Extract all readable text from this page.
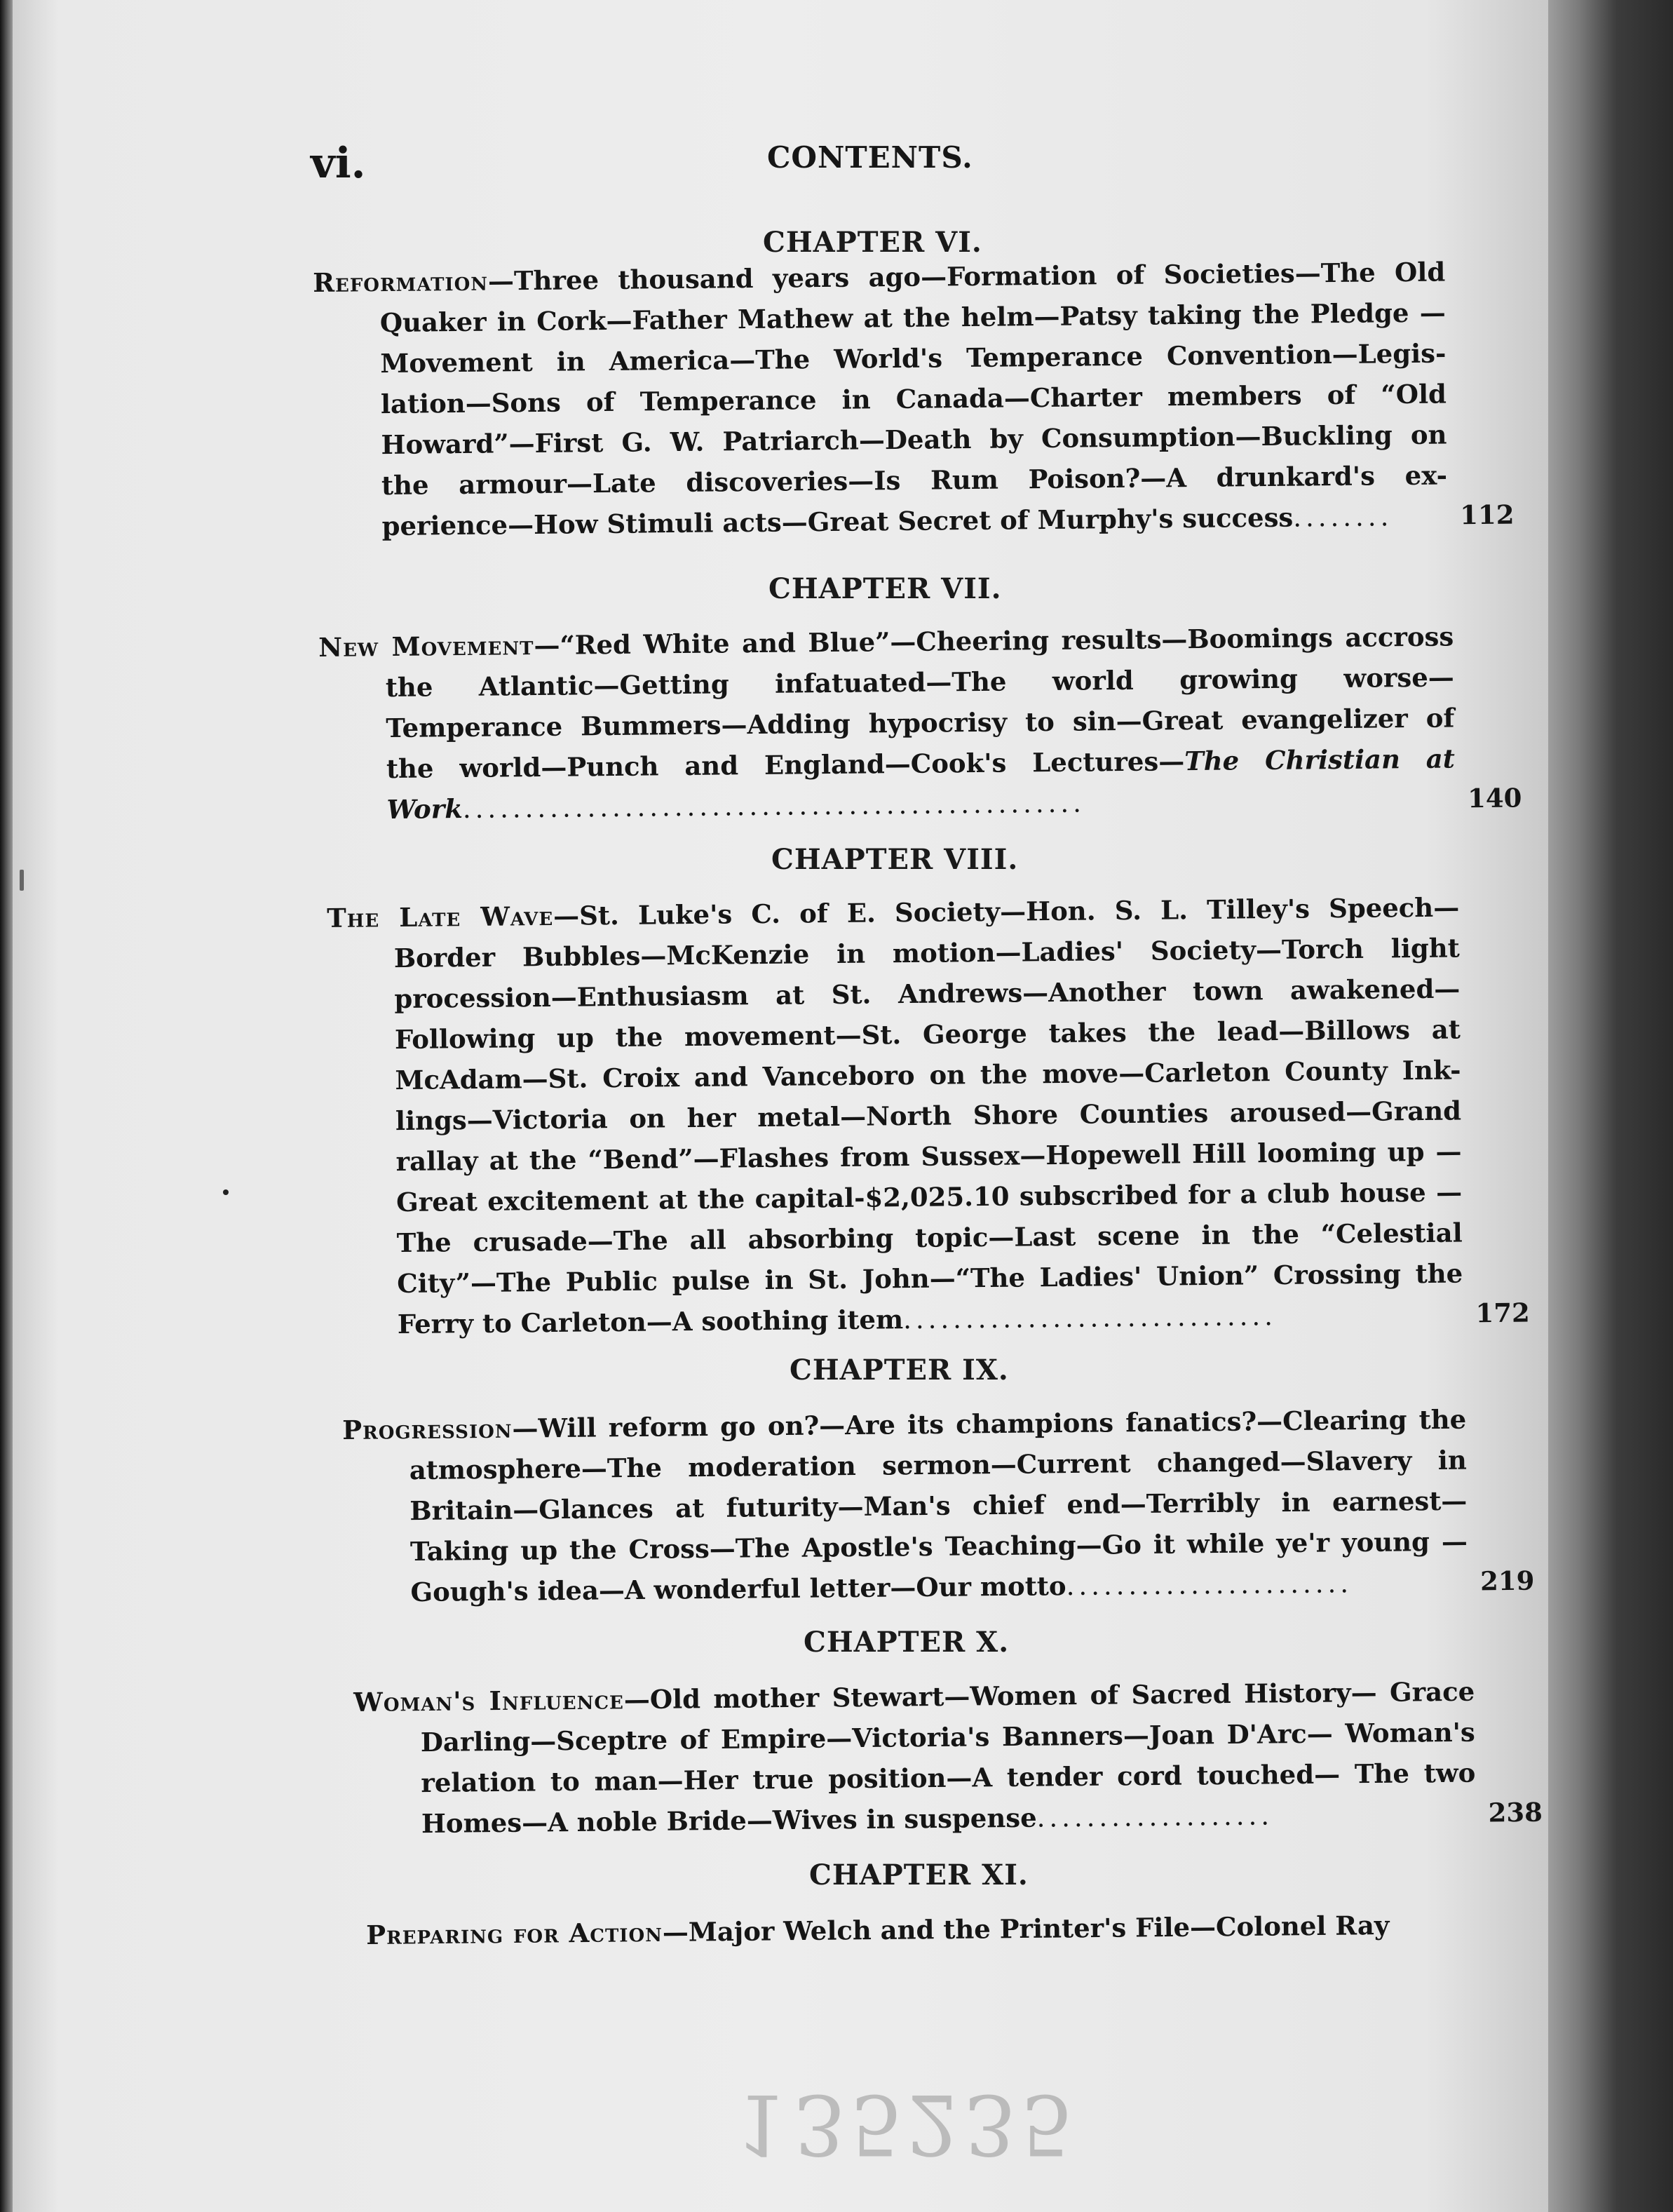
vi.	CONTENTS.
CHAPTER VI.
Reformation—Three thousand years ago—Formation of Societies—The Old Quaker in Cork—Father Mathew at the helm—Patsy taking the Pledge —Movement in America—The World's Temperance Convention—Legis- lation—Sons of Temperance in Canada—Charter members of “Old Howard”—First G. W. Patriarch—Death by Consumption—Buckling on the armour—Late discoveries—Is Rum Poison?—A drunkard's ex- perience—How Stimuli acts—Great Secret of Murphy's success........	112
CHAPTER VII.
New Movement—“Red White and Blue”—Cheering results—Boomings accross the Atlantic—Getting infatuated—The world growing worse— Temperance Bummers—Adding hypocrisy to sin—Great evangelizer of the world—Punch and England—Cook's Lectures—The Christian at Work..................................................	140
CHAPTER VIII.
The Late Wave—St. Luke's C. of E. Society—Hon. S. L. Tilley's Speech— Border Bubbles—McKenzie in motion—Ladies' Society—Torch light procession—Enthusiasm at St. Andrews—Another town awakened— Following up the movement—St. George takes the lead—Billows at McAdam—St. Croix and Vanceboro on the move—Carleton County Ink- lings—Victoria on her metal—North Shore Counties aroused—Grand rallay at the “Bend”—Flashes from Sussex—Hopewell Hill looming up —Great excitement at the capital-$2,025.10 subscribed for a club house —The crusade—The all absorbing topic—Last scene in the “Celestial City”—The Public pulse in St. John—“The Ladies' Union” Crossing the Ferry to Carleton—A soothing item..............................	172
CHAPTER IX.
Progression—Will reform go on?—Are its champions fanatics?—Clearing the atmosphere—The moderation sermon—Current changed—Slavery in Britain—Glances at futurity—Man's chief end—Terribly in earnest— Taking up the Cross—The Apostle's Teaching—Go it while ye'r young —Gough's idea—A wonderful letter—Our motto.......................	219
CHAPTER X.
Woman's Influence—Old mother Stewart—Women of Sacred History— Grace Darling—Sceptre of Empire—Victoria's Banners—Joan D'Arc— Woman's relation to man—Her true position—A tender cord touched— The two Homes—A noble Bride—Wives in suspense...................	238
CHAPTER XI.
Preparing for Action—Major Welch and the Printer's File—Colonel Ray
135235
